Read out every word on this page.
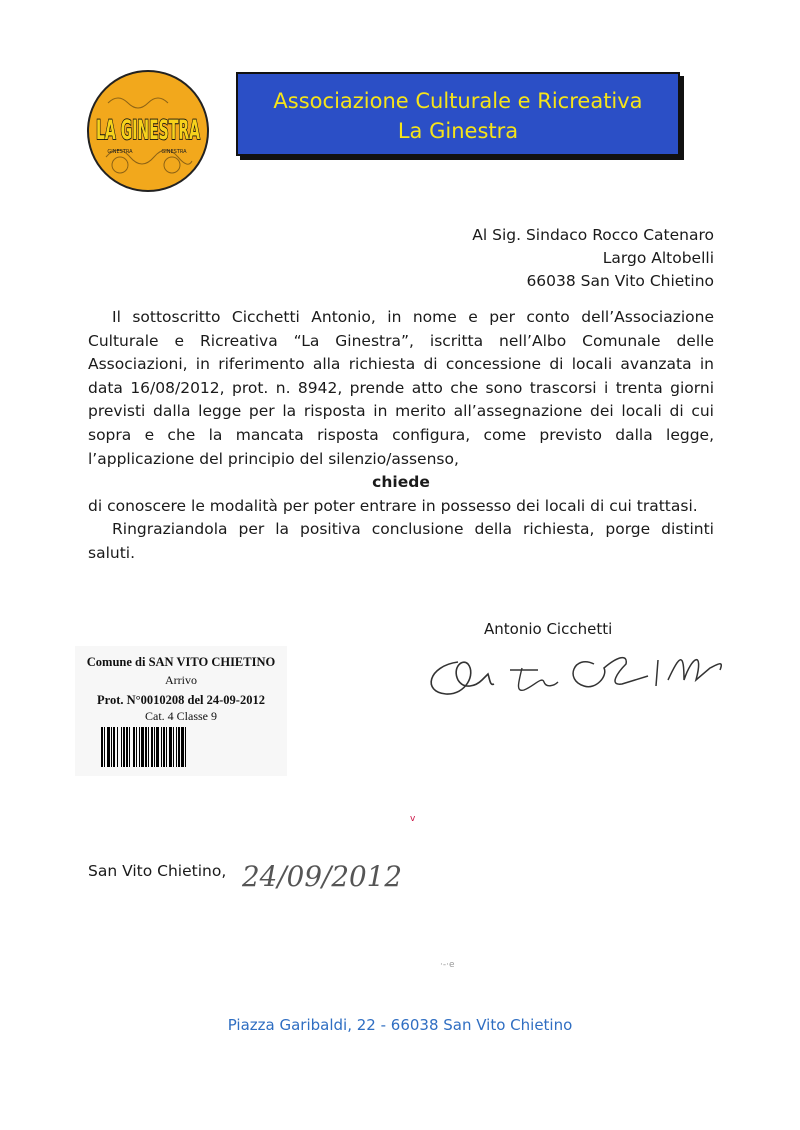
LA GINESTRA
GINESTRA	GINESTRA
Associazione Culturale e Ricreativa
La Ginestra
Al Sig. Sindaco Rocco Catenaro
Largo Altobelli
66038 San Vito Chietino

Il sottoscritto Cicchetti Antonio, in nome e per conto dell’Associazione Culturale e Ricreativa “La Ginestra”, iscritta nell’Albo Comunale delle Associazioni, in riferimento alla richiesta di concessione di locali avanzata in data 16/08/2012, prot. n. 8942, prende atto che sono trascorsi i trenta giorni previsti dalla legge per la risposta in merito all’assegnazione dei locali di cui sopra e che la mancata risposta configura, come previsto dalla legge, l’applicazione del principio del silenzio/assenso,

chiede

di conoscere le modalità per poter entrare in possesso dei locali di cui trattasi.

Ringraziandola per la positiva conclusione della richiesta, porge distinti saluti.

Antonio Cicchetti
Comune di SAN VITO CHIETINO
Arrivo
Prot. N°0010208 del 24-09-2012
Cat. 4 Classe 9
San Vito Chietino, 24/09/2012
v
·-·e
Piazza Garibaldi, 22 - 66038 San Vito Chietino
